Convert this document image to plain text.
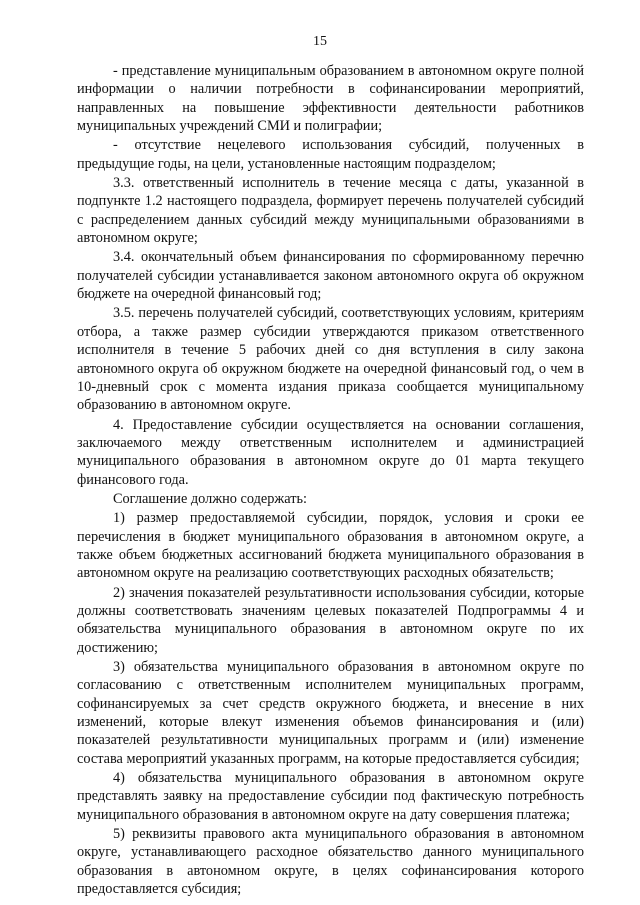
15

- представление муниципальным образованием в автономном округе полной информации о наличии потребности в софинансировании мероприятий, направленных на повышение эффективности деятельности работников муниципальных учреждений СМИ и полиграфии;

- отсутствие нецелевого использования субсидий, полученных в предыдущие годы, на цели, установленные настоящим подразделом;

3.3. ответственный исполнитель в течение месяца с даты, указанной в подпункте 1.2 настоящего подраздела, формирует перечень получателей субсидий с распределением данных субсидий между муниципальными образованиями в автономном округе;

3.4. окончательный объем финансирования по сформированному перечню получателей субсидии устанавливается законом автономного округа об окружном бюджете на очередной финансовый год;

3.5. перечень получателей субсидий, соответствующих условиям, критериям отбора, а также размер субсидии утверждаются приказом ответственного исполнителя в течение 5 рабочих дней со дня вступления в силу закона автономного округа об окружном бюджете на очередной финансовый год, о чем в 10-дневный срок с момента издания приказа сообщается муниципальному образованию в автономном округе.

4. Предоставление субсидии осуществляется на основании соглашения, заключаемого между ответственным исполнителем и администрацией муниципального образования в автономном округе до 01 марта текущего финансового года.

Соглашение должно содержать:

1) размер предоставляемой субсидии, порядок, условия и сроки ее перечисления в бюджет муниципального образования в автономном округе, а также объем бюджетных ассигнований бюджета муниципального образования в автономном округе на реализацию соответствующих расходных обязательств;

2) значения показателей результативности использования субсидии, которые должны соответствовать значениям целевых показателей Подпрограммы 4 и обязательства муниципального образования в автономном округе по их достижению;

3) обязательства муниципального образования в автономном округе по согласованию с ответственным исполнителем муниципальных программ, софинансируемых за счет средств окружного бюджета, и внесение в них изменений, которые влекут изменения объемов финансирования и (или) показателей результативности муниципальных программ и (или) изменение состава мероприятий указанных программ, на которые предоставляется субсидия;

4) обязательства муниципального образования в автономном округе представлять заявку на предоставление субсидии под фактическую потребность муниципального образования в автономном округе на дату совершения платежа;

5) реквизиты правового акта муниципального образования в автономном округе, устанавливающего расходное обязательство данного муниципального образования в автономном округе, в целях софинансирования которого предоставляется субсидия;
